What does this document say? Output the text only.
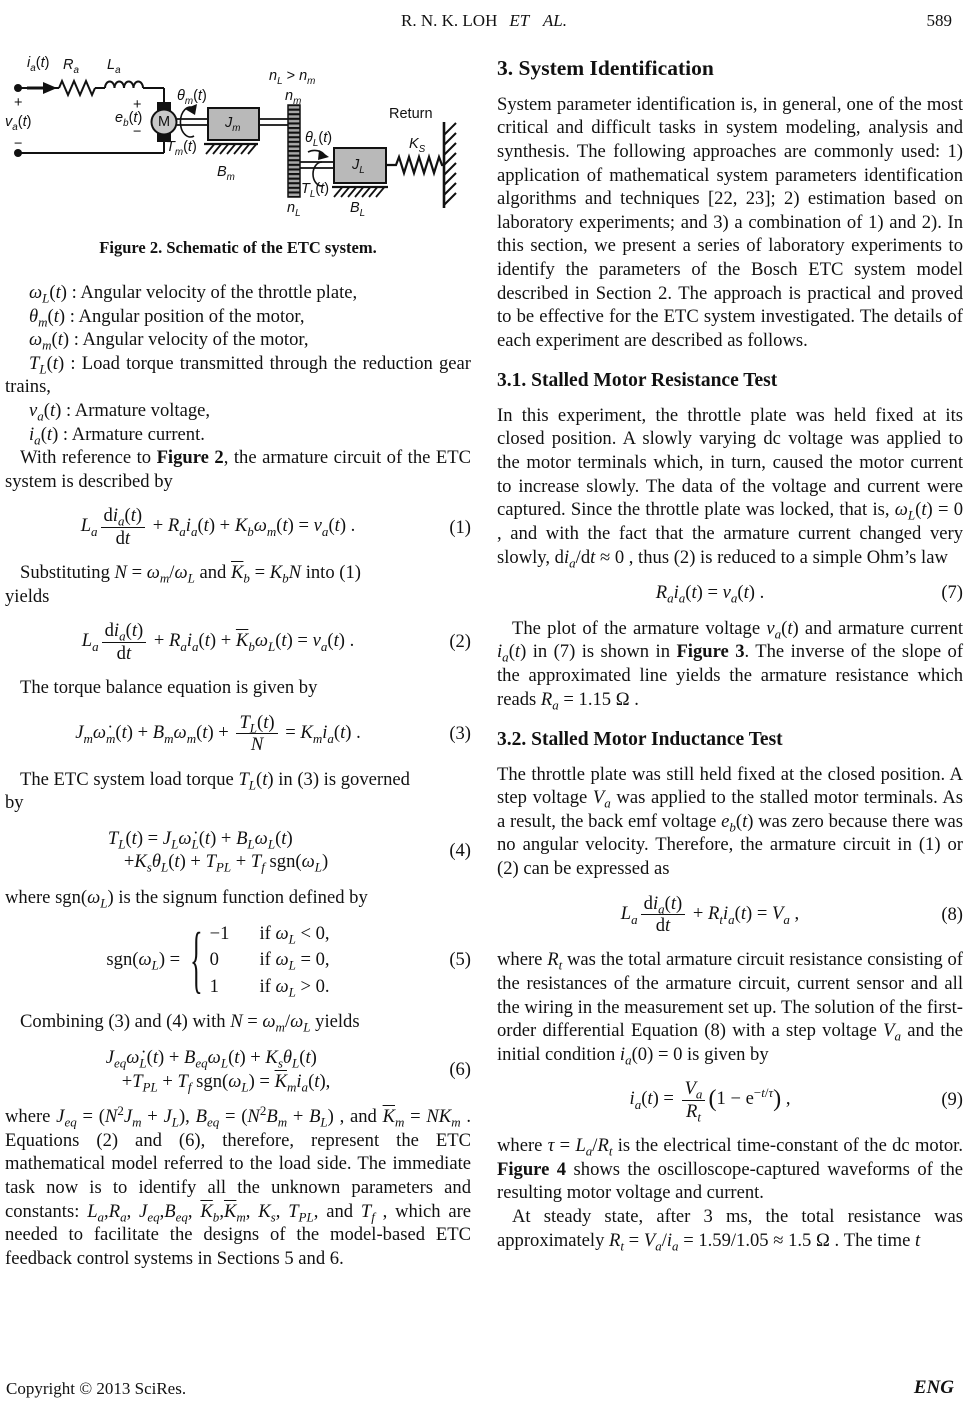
R. N. K. LOH ET AL.	589
$i_a(t)$ $R_a$ $L_a$
+
$v_a(t)$
−
+
$e_b(t)$
−
M
$\theta_m(t)$
$T_m(t)$
$J_m$
$B_m$
$n_L > n_m$
$n_m$
$n_L$
$\theta_L(t)$
$T_L(t)$
$J_L$
$B_L$
$K_S$
Return
Figure 2. Schematic of the ETC system.

$\omega_L(t)$ : Angular velocity of the throttle plate,

$\theta_m(t)$ : Angular position of the motor,

$\omega_m(t)$ : Angular velocity of the motor,

$T_L(t)$ : Load torque transmitted through the reduction gear trains,

$v_a(t)$ : Armature voltage,

$i_a(t)$ : Armature current.

With reference to Figure 2, the armature circuit of the ETC system is described by

$L_a \frac{di_a(t)}{dt} + R_ai_a(t) + K_b\omega_m(t) = v_a(t)$ .	(1)

Substituting $N = \omega_m/\omega_L$ and $\overline{K}_b = K_bN$ into (1)
yields

$L_a \frac{di_a(t)}{dt} + R_ai_a(t) + \overline{K}_b\omega_L(t) = v_a(t)$ .	(2)

The torque balance equation is given by

$J_m\omegȧ_m(t) + B_m\omega_m(t) + \frac{T_L(t)}{N} = K_mi_a(t)$ .	(3)

The ETC system load torque $T_L(t)$ in (3) is governed
by

$T_L(t)$ = $J_L\omegȧ_L(t) + B_L\omega_L(t)$
$+K_s\theta_L(t) + T_{PL} + T_f$ $sgn(\omega_L)$
(4)

where $sgn(\omega_L)$ is the signum function defined by

$sgn(\omega_L)$ = { −1 if $\omega_L < 0$,
0	if $\omega_L = 0$,
1	if $\omega_L > 0$.
(5)

Combining (3) and (4) with $N = \omega_m/\omega_L$ yields

$J_{eq}\omegȧ_L(t) + B_{eq}\omega_L(t) + K_s\theta_L(t)$
$+T_{PL} + T_f$ $sgn(\omega_L) = \overline{K}_mi_a(t)$,
(6)

where $J_{eq} = (N^2J_m + J_L)$, $B_{eq} = (N^2B_m + B_L)$ , and $\overline{K}_m = NK_m$ . Equations (2) and (6), therefore, represent the ETC mathematical model referred to the load side. The immediate task now is to identify all the unknown parameters and constants: $L_a,R_a$, $J_{eq},B_{eq}$, $\overline{K}_b,\overline{K}_m$, $K_s$, $T_{PL}$, and $T_f$ , which are needed to facilitate the designs of the model-based ETC feedback control systems in Sections 5 and 6.

3. System Identification

System parameter identification is, in general, one of the most critical and difficult tasks in system modeling, analysis and synthesis. The following approaches are commonly used: 1) application of mathematical system parameters identification algorithms and techniques [22, 23]; 2) estimation based on laboratory experiments; and 3) a combination of 1) and 2). In this section, we present a series of laboratory experiments to identify the parameters of the Bosch ETC system model described in Section 2. The approach is practical and proved to be effective for the ETC system investigated. The details of each experiment are described as follows.

3.1. Stalled Motor Resistance Test

In this experiment, the throttle plate was held fixed at its closed position. A slowly varying dc voltage was applied to the motor terminals which, in turn, caused the motor current to increase slowly. The data of the voltage and current were captured. Since the throttle plate was locked, that is, $\omega_L(t) = 0$ , and with the fact that the armature current changed very slowly, $di_a/dt \approx 0$ , thus (2) is reduced to a simple Ohm’s law

$R_ai_a(t) = v_a(t)$ .	(7)

The plot of the armature voltage $v_a(t)$ and armature current $i_a(t)$ in (7) is shown in Figure 3. The inverse of the slope of the approximated line yields the armature resistance which reads $R_a = 1.15$ Ω .

3.2. Stalled Motor Inductance Test

The throttle plate was still held fixed at the closed position. A step voltage $V_a$ was applied to the stalled motor terminals. As a result, the back emf voltage $e_b(t)$ was zero because there was no angular velocity. Therefore, the armature circuit in (1) or (2) can be expressed as

$L_a \frac{di_a(t)}{dt} + R_ti_a(t) = V_a$ ,	(8)

where $R_t$ was the total armature circuit resistance consisting of the resistances of the armature circuit, current sensor and all the wiring in the measurement set up. The solution of the first-order differential Equation (8) with a step voltage $V_a$ and the initial condition $i_a(0) = 0$ is given by

$i_a(t) = \frac{V_a}{R_t} (1 - e^{-t/\tau})$ ,	(9)

where $\tau = L_a/R_t$ is the electrical time-constant of the dc motor. Figure 4 shows the oscilloscope-captured waveforms of the resulting motor voltage and current.

At steady state, after 3 ms, the total resistance was approximately $R_t = V_a/i_a = 1.59/1.05 \approx 1.5$ Ω . The time t

Copyright © 2013 SciRes.	ENG
